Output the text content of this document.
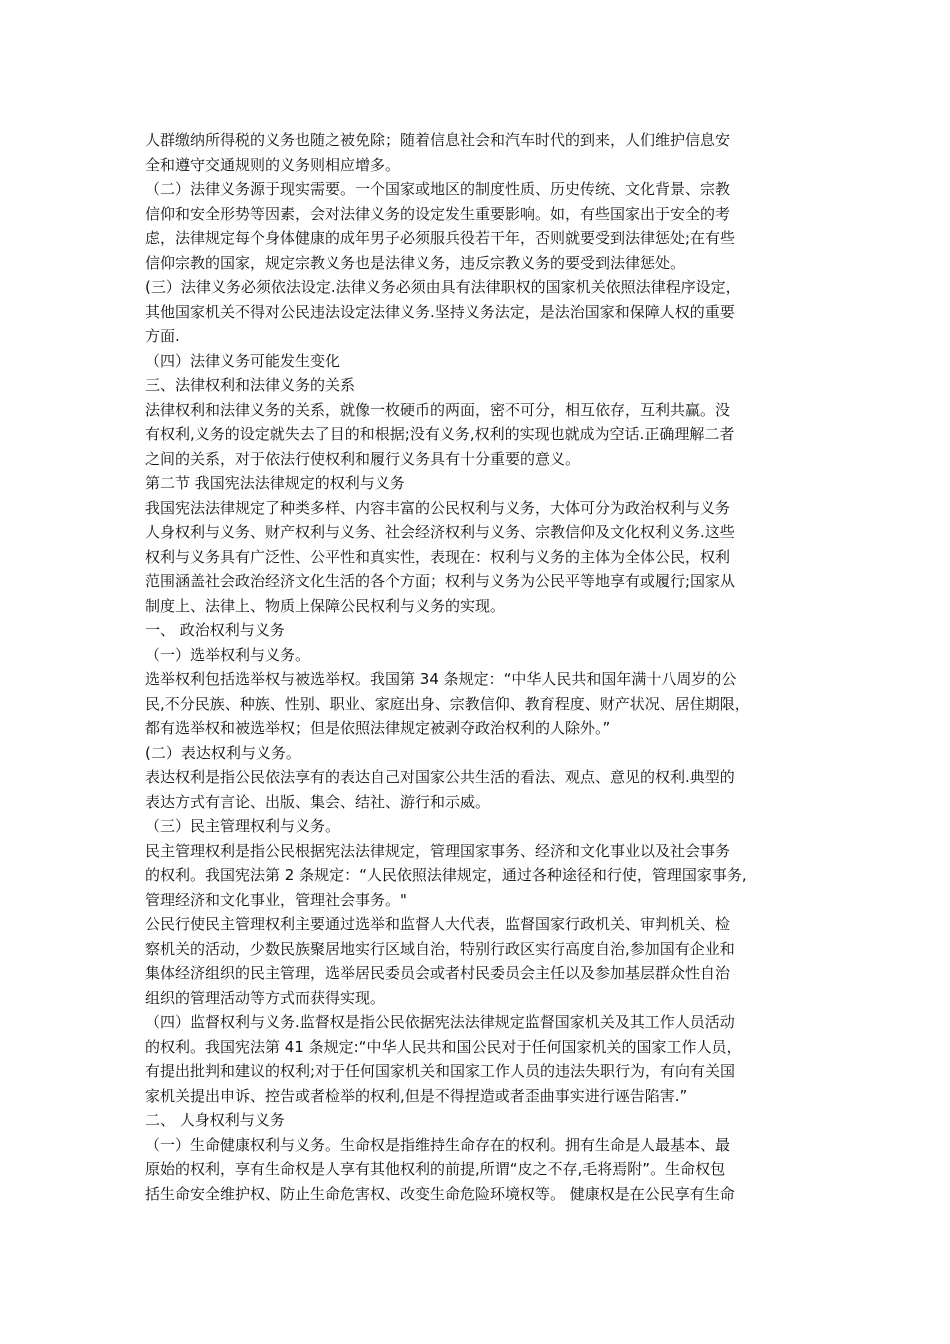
人群缴纳所得税的义务也随之被免除；随着信息社会和汽车时代的到来，人们维护信息安
全和遵守交通规则的义务则相应增多。
（二）法律义务源于现实需要。一个国家或地区的制度性质、历史传统、文化背景、宗教
信仰和安全形势等因素，会对法律义务的设定发生重要影响。如，有些国家出于安全的考
虑，法律规定每个身体健康的成年男子必须服兵役若干年，否则就要受到法律惩处;在有些
信仰宗教的国家，规定宗教义务也是法律义务，违反宗教义务的要受到法律惩处。
(三）法律义务必须依法设定.法律义务必须由具有法律职权的国家机关依照法律程序设定，
其他国家机关不得对公民违法设定法律义务.坚持义务法定，是法治国家和保障人权的重要
方面.
（四）法律义务可能发生变化
三、法律权利和法律义务的关系
法律权利和法律义务的关系，就像一枚硬币的两面，密不可分，相互依存，互利共赢。没
有权利,义务的设定就失去了目的和根据;没有义务,权利的实现也就成为空话.正确理解二者
之间的关系，对于依法行使权利和履行义务具有十分重要的意义。
第二节 我国宪法法律规定的权利与义务
我国宪法法律规定了种类多样、内容丰富的公民权利与义务，大体可分为政治权利与义务
人身权利与义务、财产权利与义务、社会经济权利与义务、宗教信仰及文化权利义务.这些
权利与义务具有广泛性、公平性和真实性，表现在：权利与义务的主体为全体公民，权利
范围涵盖社会政治经济文化生活的各个方面；权利与义务为公民平等地享有或履行;国家从
制度上、法律上、物质上保障公民权利与义务的实现。
一、 政治权利与义务
（一）选举权利与义务。
选举权利包括选举权与被选举权。我国第 34 条规定：“中华人民共和国年满十八周岁的公
民,不分民族、种族、性别、职业、家庭出身、宗教信仰、教育程度、财产状况、居住期限，
都有选举权和被选举权；但是依照法律规定被剥夺政治权利的人除外。”
(二）表达权利与义务。
表达权利是指公民依法享有的表达自己对国家公共生活的看法、观点、意见的权利.典型的
表达方式有言论、出版、集会、结社、游行和示威。
（三）民主管理权利与义务。
民主管理权利是指公民根据宪法法律规定，管理国家事务、经济和文化事业以及社会事务
的权利。我国宪法第 2 条规定：“人民依照法律规定，通过各种途径和行使，管理国家事务,
管理经济和文化事业，管理社会事务。"
公民行使民主管理权利主要通过选举和监督人大代表，监督国家行政机关、审判机关、检
察机关的活动，少数民族聚居地实行区域自治，特别行政区实行高度自治,参加国有企业和
集体经济组织的民主管理，选举居民委员会或者村民委员会主任以及参加基层群众性自治
组织的管理活动等方式而获得实现。
（四）监督权利与义务.监督权是指公民依据宪法法律规定监督国家机关及其工作人员活动
的权利。我国宪法第 41 条规定:“中华人民共和国公民对于任何国家机关的国家工作人员，
有提出批判和建议的权利;对于任何国家机关和国家工作人员的违法失职行为，有向有关国
家机关提出申诉、控告或者检举的权利,但是不得捏造或者歪曲事实进行诬告陷害.”
二、 人身权利与义务
（一）生命健康权利与义务。生命权是指维持生命存在的权利。拥有生命是人最基本、最
原始的权利，享有生命权是人享有其他权利的前提,所谓“皮之不存,毛将焉附”。生命权包
括生命安全维护权、防止生命危害权、改变生命危险环境权等。 健康权是在公民享有生命
